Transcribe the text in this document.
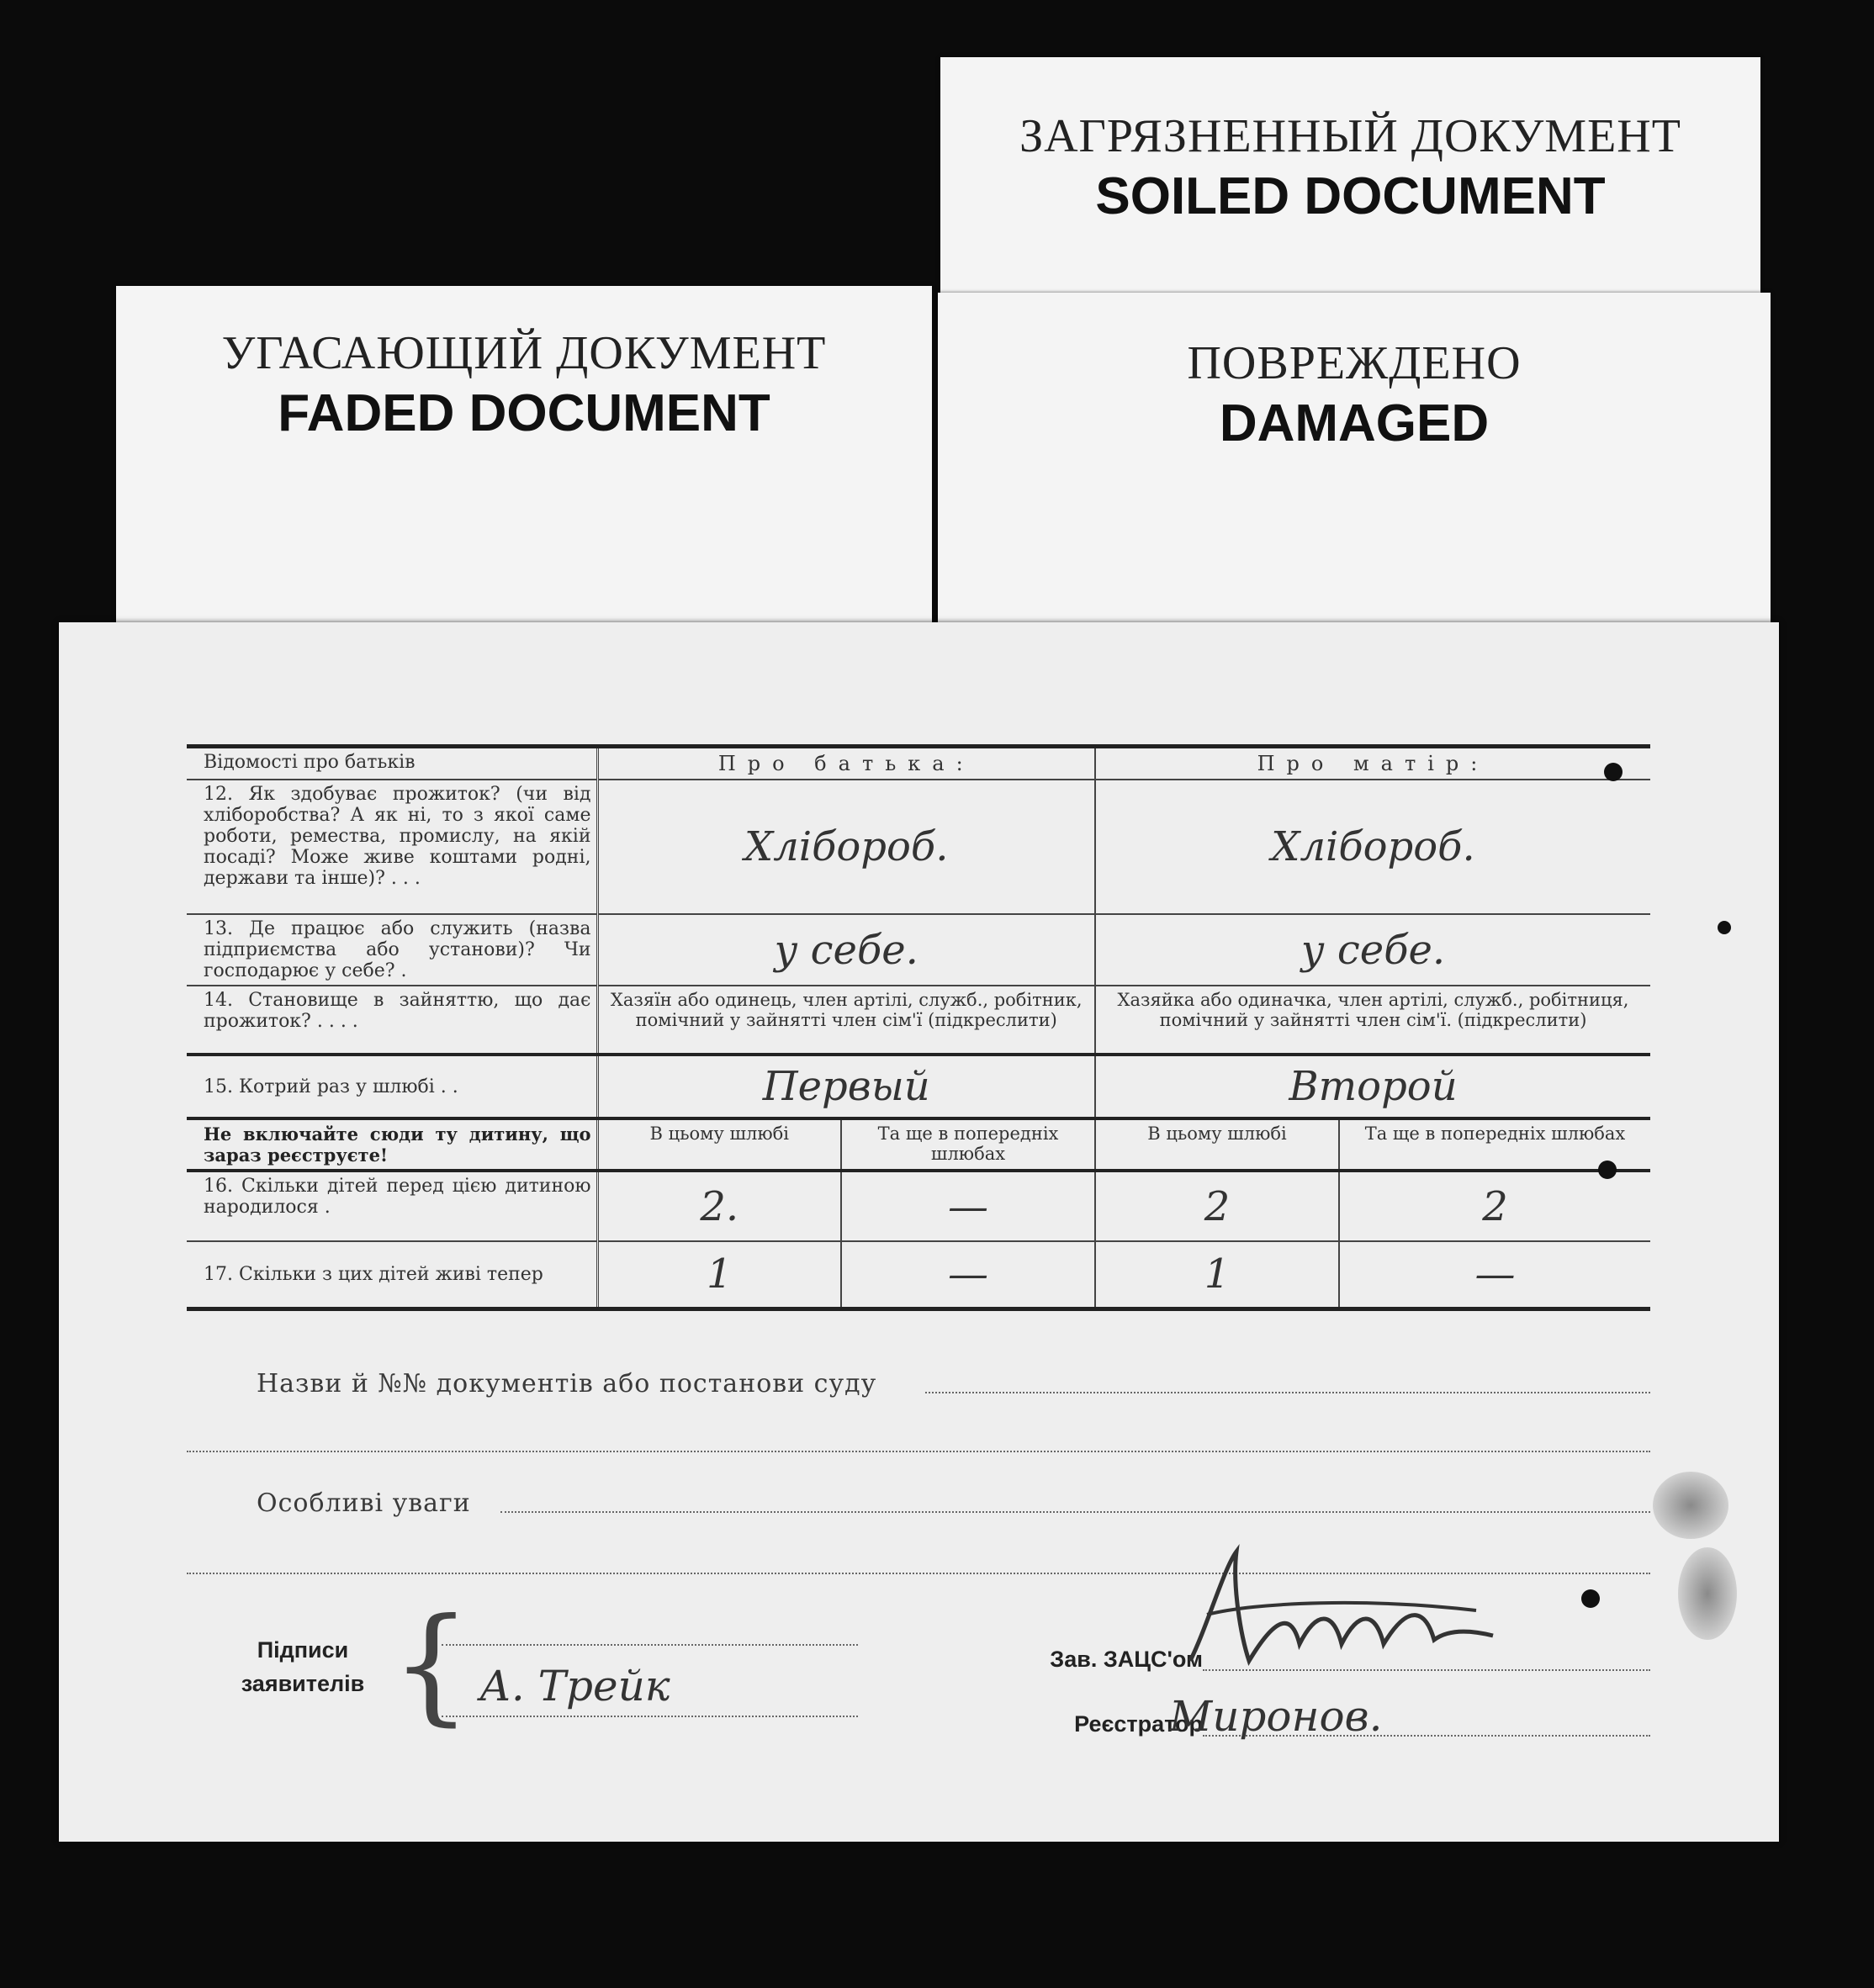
ЗАГРЯЗНЕННЫЙ ДОКУМЕНТ
SOILED DOCUMENT
УГАСАЮЩИЙ ДОКУМЕНТ
FADED DOCUMENT
ПОВРЕЖДЕНО
DAMAGED
Відомості про батьків	Про батька:		Про матір:	
12. Як здобуває прожиток? (чи від хліборобства? А як ні, то з якої саме роботи, ремества, промислу, на якій посаді? Може живе коштами родні, держави та інше)? . . .	Хлібороб.		Хлібороб.	
13. Де працює або служить (назва підприємства або установи)? Чи господарює у себе? .	у себе.		у себе.	
14. Становище в зайняттю, що дає прожиток? . . . .	Хазяїн або одинець, член артілі, служб., робітник, помічний у зайнятті член сім'ї (підкреслити)		Хазяйка або одиначка, член артілі, служб., робітниця, помічний у зайнятті член сім'ї. (підкреслити)	
15. Котрий раз у шлюбі . .	Первый		Второй	
Не включайте сюди ту дитину, що зараз реєструєте!	В цьому шлюбі	Та ще в попередніх шлюбах	В цьому шлюбі	Та ще в попередніх шлюбах
16. Скільки дітей перед цією дитиною народилося .	2.	—	2	2
17. Скільки з цих дітей живі тепер	1	—	1	—
Назви й №№ документів або постанови суду
Особливі уваги
Підписи
заявителів { А. Трейк
Зав. ЗАЦС'ом
Реєстратор
Миронов.
